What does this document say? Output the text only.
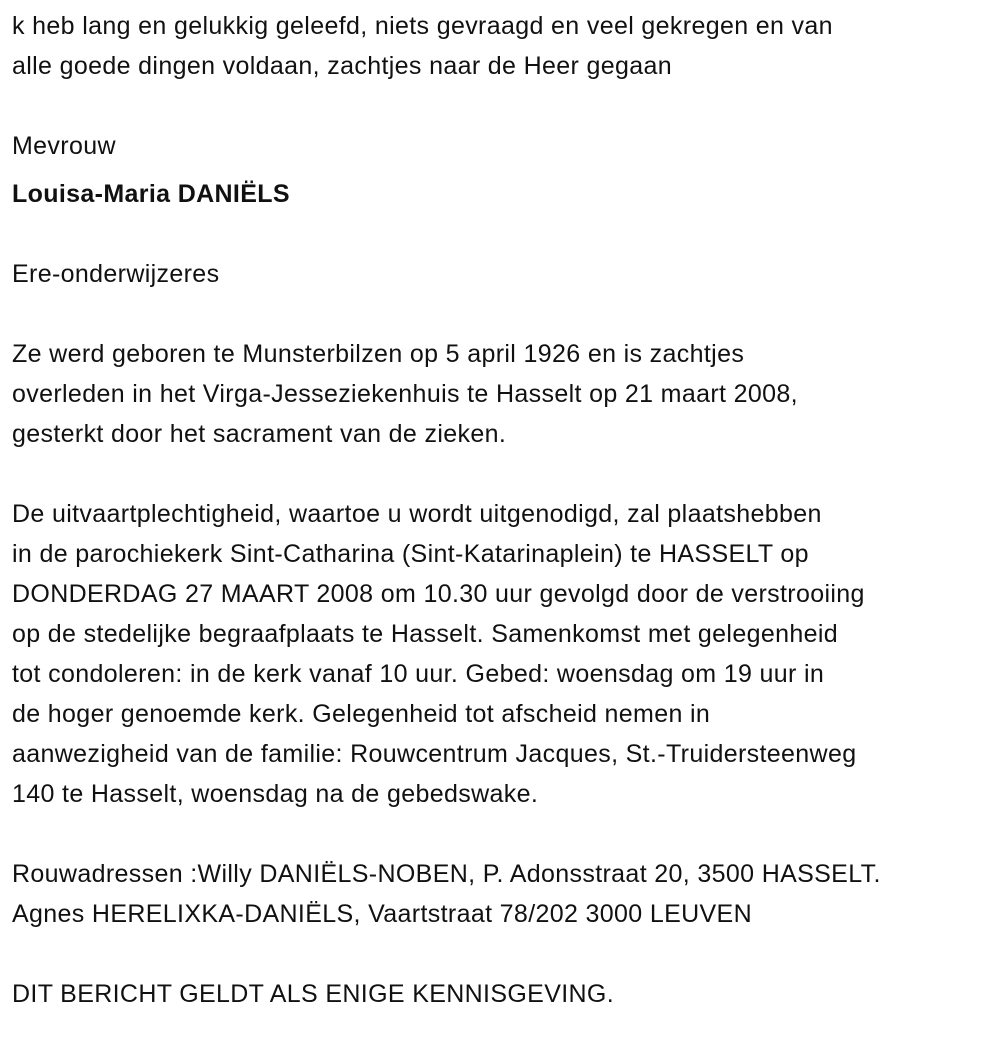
k heb lang en gelukkig geleefd, niets gevraagd en veel gekregen en van
alle goede dingen voldaan, zachtjes naar de Heer gegaan
Mevrouw
Louisa-Maria DANIËLS
Ere-onderwijzeres
Ze werd geboren te Munsterbilzen op 5 april 1926 en is zachtjes
overleden in het Virga-Jesseziekenhuis te Hasselt op 21 maart 2008,
gesterkt door het sacrament van de zieken.
De uitvaartplechtigheid, waartoe u wordt uitgenodigd, zal plaatshebben
in de parochiekerk Sint-Catharina (Sint-Katarinaplein) te HASSELT op
DONDERDAG 27 MAART 2008 om 10.30 uur gevolgd door de verstrooiing
op de stedelijke begraafplaats te Hasselt. Samenkomst met gelegenheid
tot condoleren: in de kerk vanaf 10 uur. Gebed: woensdag om 19 uur in
de hoger genoemde kerk. Gelegenheid tot afscheid nemen in
aanwezigheid van de familie: Rouwcentrum Jacques, St.-Truidersteenweg
140 te Hasselt, woensdag na de gebedswake.
Rouwadressen :Willy DANIËLS-NOBEN, P. Adonsstraat 20, 3500 HASSELT.
Agnes HERELIXKA-DANIËLS, Vaartstraat 78/202 3000 LEUVEN
DIT BERICHT GELDT ALS ENIGE KENNISGEVING.
